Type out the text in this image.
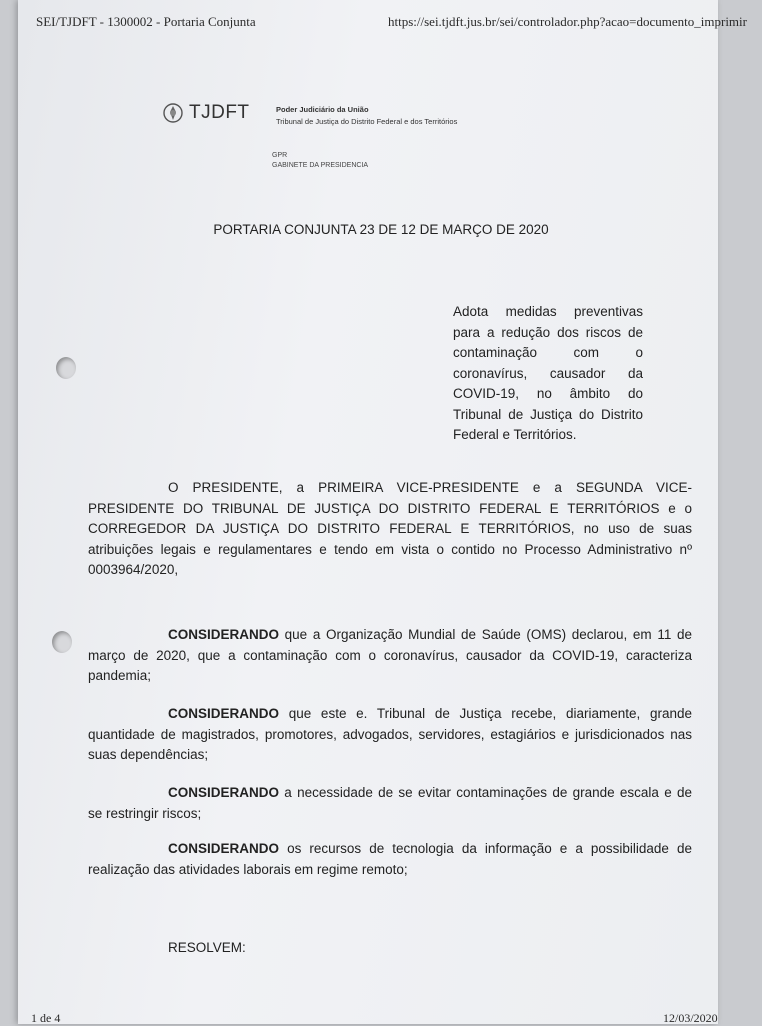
SEI/TJDFT - 1300002 - Portaria Conjunta	https://sei.tjdft.jus.br/sei/controlador.php?acao=documento_imprimir
TJDFT	Poder Judiciário da União
Tribunal de Justiça do Distrito Federal e dos Territórios
GPR
GABINETE DA PRESIDENCIA
PORTARIA CONJUNTA 23 DE 12 DE MARÇO DE 2020
Adota medidas preventivas para a redução dos riscos de contaminação com o coronavírus, causador da COVID-19, no âmbito do Tribunal de Justiça do Distrito Federal e Territórios.

O PRESIDENTE, a PRIMEIRA VICE-PRESIDENTE e a SEGUNDA VICE-PRESIDENTE DO TRIBUNAL DE JUSTIÇA DO DISTRITO FEDERAL E TERRITÓRIOS e o CORREGEDOR DA JUSTIÇA DO DISTRITO FEDERAL E TERRITÓRIOS, no uso de suas atribuições legais e regulamentares e tendo em vista o contido no Processo Administrativo nº 0003964/2020,

CONSIDERANDO que a Organização Mundial de Saúde (OMS) declarou, em 11 de março de 2020, que a contaminação com o coronavírus, causador da COVID-19, caracteriza pandemia;

CONSIDERANDO que este e. Tribunal de Justiça recebe, diariamente, grande quantidade de magistrados, promotores, advogados, servidores, estagiários e jurisdicionados nas suas dependências;

CONSIDERANDO a necessidade de se evitar contaminações de grande escala e de se restringir riscos;

CONSIDERANDO os recursos de tecnologia da informação e a possibilidade de realização das atividades laborais em regime remoto;

RESOLVEM:

1 de 4	12/03/2020
